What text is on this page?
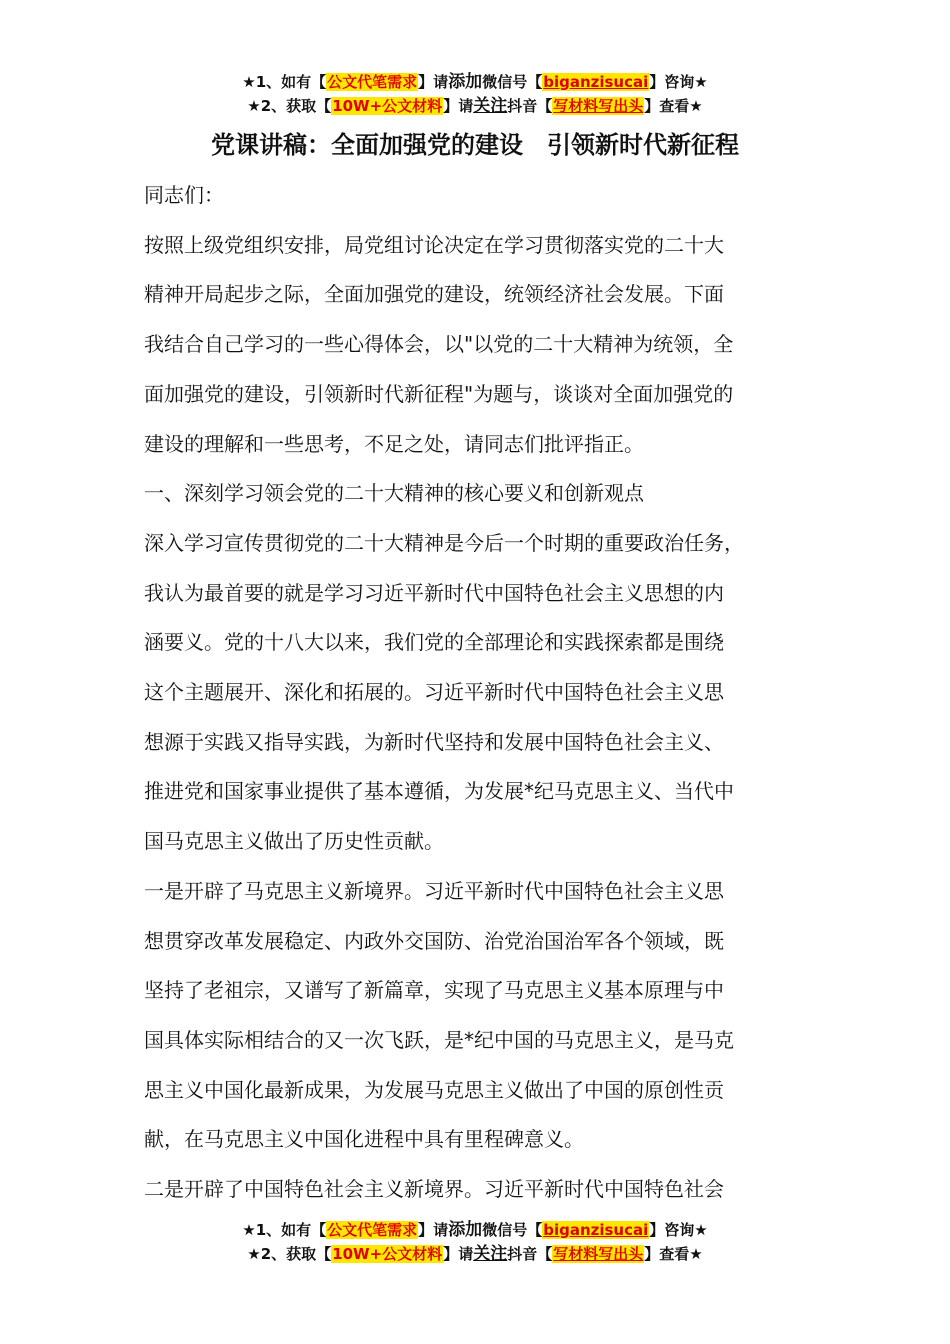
★1、如有【公文代笔需求】请添加微信号【biganzisucai】咨询★
★2、获取【10W+公文材料】请关注抖音【写材料写出头】查看★
党课讲稿：全面加强党的建设　引领新时代新征程

同志们：

按照上级党组织安排，局党组讨论决定在学习贯彻落实党的二十大

精神开局起步之际，全面加强党的建设，统领经济社会发展。下面

我结合自己学习的一些心得体会，以"以党的二十大精神为统领，全

面加强党的建设，引领新时代新征程"为题与，谈谈对全面加强党的

建设的理解和一些思考，不足之处，请同志们批评指正。

一、深刻学习领会党的二十大精神的核心要义和创新观点

深入学习宣传贯彻党的二十大精神是今后一个时期的重要政治任务，

我认为最首要的就是学习习近平新时代中国特色社会主义思想的内

涵要义。党的十八大以来，我们党的全部理论和实践探索都是围绕

这个主题展开、深化和拓展的。习近平新时代中国特色社会主义思

想源于实践又指导实践，为新时代坚持和发展中国特色社会主义、

推进党和国家事业提供了基本遵循，为发展*纪马克思主义、当代中

国马克思主义做出了历史性贡献。

一是开辟了马克思主义新境界。习近平新时代中国特色社会主义思

想贯穿改革发展稳定、内政外交国防、治党治国治军各个领域，既

坚持了老祖宗，又谱写了新篇章，实现了马克思主义基本原理与中

国具体实际相结合的又一次飞跃，是*纪中国的马克思主义，是马克

思主义中国化最新成果，为发展马克思主义做出了中国的原创性贡

献，在马克思主义中国化进程中具有里程碑意义。

二是开辟了中国特色社会主义新境界。习近平新时代中国特色社会

★1、如有【公文代笔需求】请添加微信号【biganzisucai】咨询★
★2、获取【10W+公文材料】请关注抖音【写材料写出头】查看★
